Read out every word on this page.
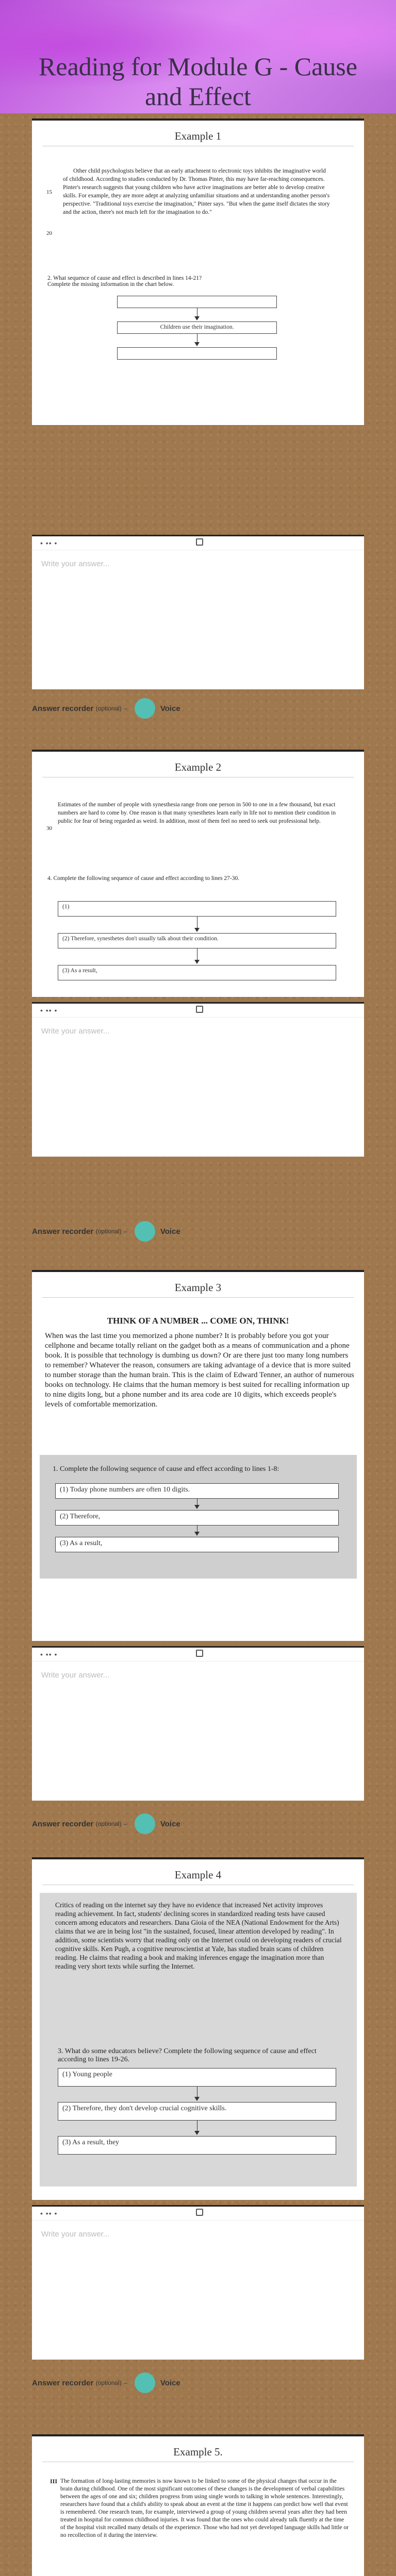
Reading for Module G - Cause and Effect
Example 1
Other child psychologists believe that an early attachment to electronic toys inhibits the imaginative world of childhood. According to studies conducted by Dr. Thomas Pinter, this may have far-reaching consequences. Pinter's research suggests that young children who have active imaginations are better able to develop creative skills. For example, they are more adept at analyzing unfamiliar situations and at understanding another person's perspective. "Traditional toys exercise the imagination," Pinter says. "But when the game itself dictates the story and the action, there's not much left for the imagination to do."
15
20
2. What sequence of cause and effect is described in lines 14-21? Complete the missing information in the chart below.
Children use their imagination.
• •• •
Write your answer...
Answer recorder
(optional)
–	Voice
Example 2
Estimates of the number of people with synesthesia range from one person in 500 to one in a few thousand, but exact numbers are hard to come by. One reason is that many synesthetes learn early in life not to mention their condition in public for fear of being regarded as weird. In addition, most of them feel no need to seek out professional help.
30
4. Complete the following sequence of cause and effect according to lines 27-30.
(1)
(2) Therefore, synesthetes don't usually talk about their condition.
(3) As a result,
• •• •
Write your answer...
Answer recorder
(optional)
–	Voice
Example 3
THINK OF A NUMBER ... COME ON, THINK!
When was the last time you memorized a phone number? It is probably before you got your cellphone and became totally reliant on the gadget both as a means of communication and a phone book. It is possible that technology is dumbing us down? Or are there just too many long numbers to remember? Whatever the reason, consumers are taking advantage of a device that is more suited to number storage than the human brain. This is the claim of Edward Tenner, an author of numerous books on technology. He claims that the human memory is best suited for recalling information up to nine digits long, but a phone number and its area code are 10 digits, which exceeds people's levels of comfortable memorization.
1. Complete the following sequence of cause and effect according to lines 1-8:
(1) Today phone numbers are often 10 digits.
(2) Therefore,
(3) As a result,
• •• •
Write your answer...
Answer recorder
(optional)
–	Voice
Example 4
Critics of reading on the internet say they have no evidence that increased Net activity improves reading achievement. In fact, students' declining scores in standardized reading tests have caused concern among educators and researchers. Dana Gioia of the NEA (National Endowment for the Arts) claims that we are in being lost "in the sustained, focused, linear attention developed by reading". In addition, some scientists worry that reading only on the Internet could on developing readers of crucial cognitive skills. Ken Pugh, a cognitive neuroscientist at Yale, has studied brain scans of children reading. He claims that reading a book and making inferences engage the imagination more than reading very short texts while surfing the Internet.
3. What do some educators believe? Complete the following sequence of cause and effect according to lines 19-26.
(1) Young people
(2) Therefore, they don't develop crucial cognitive skills.
(3) As a result, they
• •• •
Write your answer...
Answer recorder
(optional)
–	Voice
Example 5.
III The formation of long-lasting memories is now known to be linked to some of the physical changes that occur in the brain during childhood. One of the most significant outcomes of these changes is the development of verbal capabilities between the ages of one and six; children progress from using single words to talking in whole sentences. Interestingly, researchers have found that a child's ability to speak about an event at the time it happens can predict how well that event is remembered. One research team, for example, interviewed a group of young children several years after they had been treated in hospital for common childhood injuries. It was found that the ones who could already talk fluently at the time of the hospital visit recalled many details of the experience. Those who had not yet developed language skills had little or no recollection of it during the interview.
